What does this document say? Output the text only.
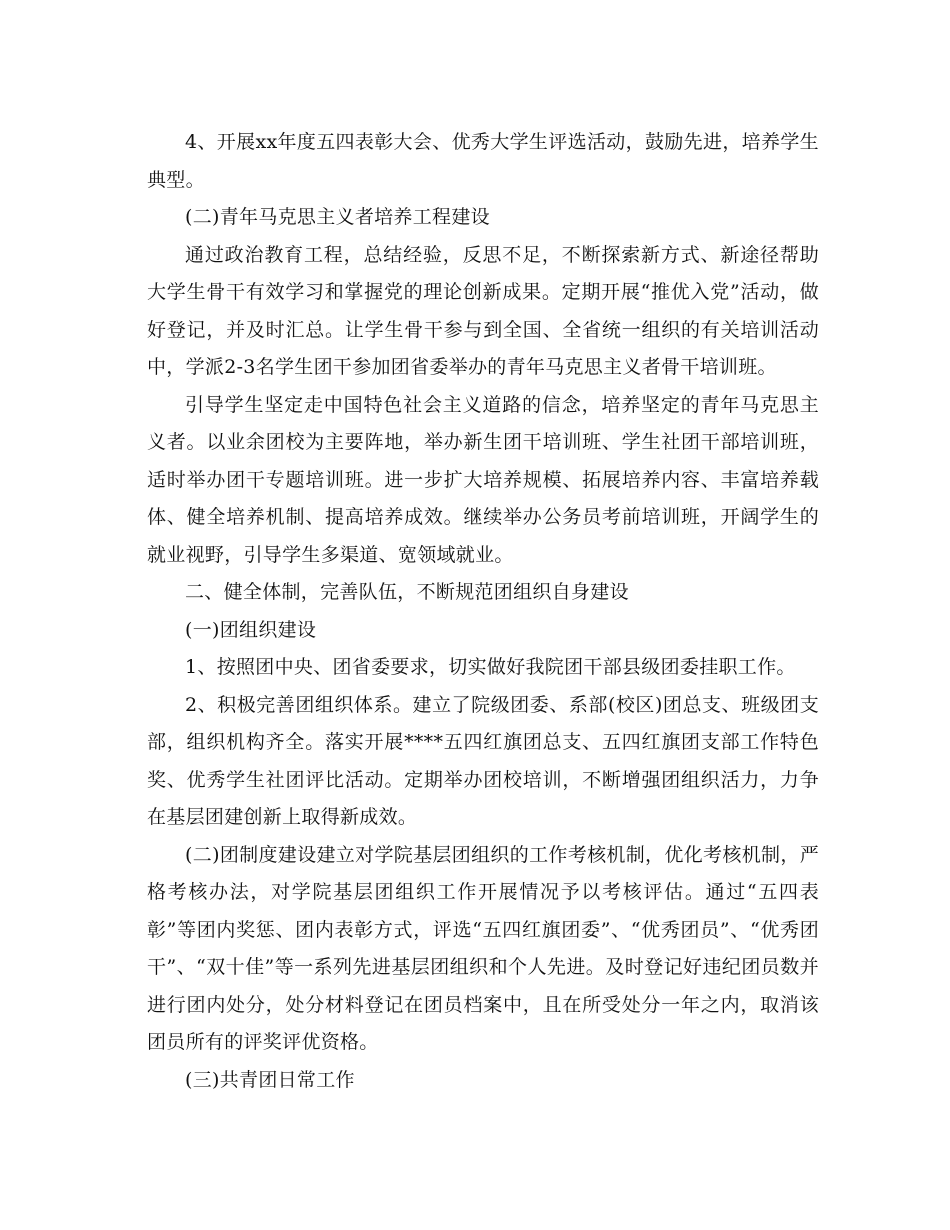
4、开展xx年度五四表彰大会、优秀大学生评选活动，鼓励先进，培养学生典型。

(二)青年马克思主义者培养工程建设

通过政治教育工程，总结经验，反思不足，不断探索新方式、新途径帮助大学生骨干有效学习和掌握党的理论创新成果。定期开展“推优入党”活动，做好登记，并及时汇总。让学生骨干参与到全国、全省统一组织的有关培训活动中，学派2-3名学生团干参加团省委举办的青年马克思主义者骨干培训班。

引导学生坚定走中国特色社会主义道路的信念，培养坚定的青年马克思主义者。以业余团校为主要阵地，举办新生团干培训班、学生社团干部培训班，适时举办团干专题培训班。进一步扩大培养规模、拓展培养内容、丰富培养载体、健全培养机制、提高培养成效。继续举办公务员考前培训班，开阔学生的就业视野，引导学生多渠道、宽领域就业。

二、健全体制，完善队伍，不断规范团组织自身建设

(一)团组织建设

1、按照团中央、团省委要求，切实做好我院团干部县级团委挂职工作。

2、积极完善团组织体系。建立了院级团委、系部(校区)团总支、班级团支部，组织机构齐全。落实开展****五四红旗团总支、五四红旗团支部工作特色奖、优秀学生社团评比活动。定期举办团校培训，不断增强团组织活力，力争在基层团建创新上取得新成效。

(二)团制度建设建立对学院基层团组织的工作考核机制，优化考核机制，严格考核办法，对学院基层团组织工作开展情况予以考核评估。通过“五四表彰”等团内奖惩、团内表彰方式，评选“五四红旗团委”、“优秀团员”、“优秀团干”、“双十佳”等一系列先进基层团组织和个人先进。及时登记好违纪团员数并进行团内处分，处分材料登记在团员档案中，且在所受处分一年之内，取消该团员所有的评奖评优资格。

(三)共青团日常工作
